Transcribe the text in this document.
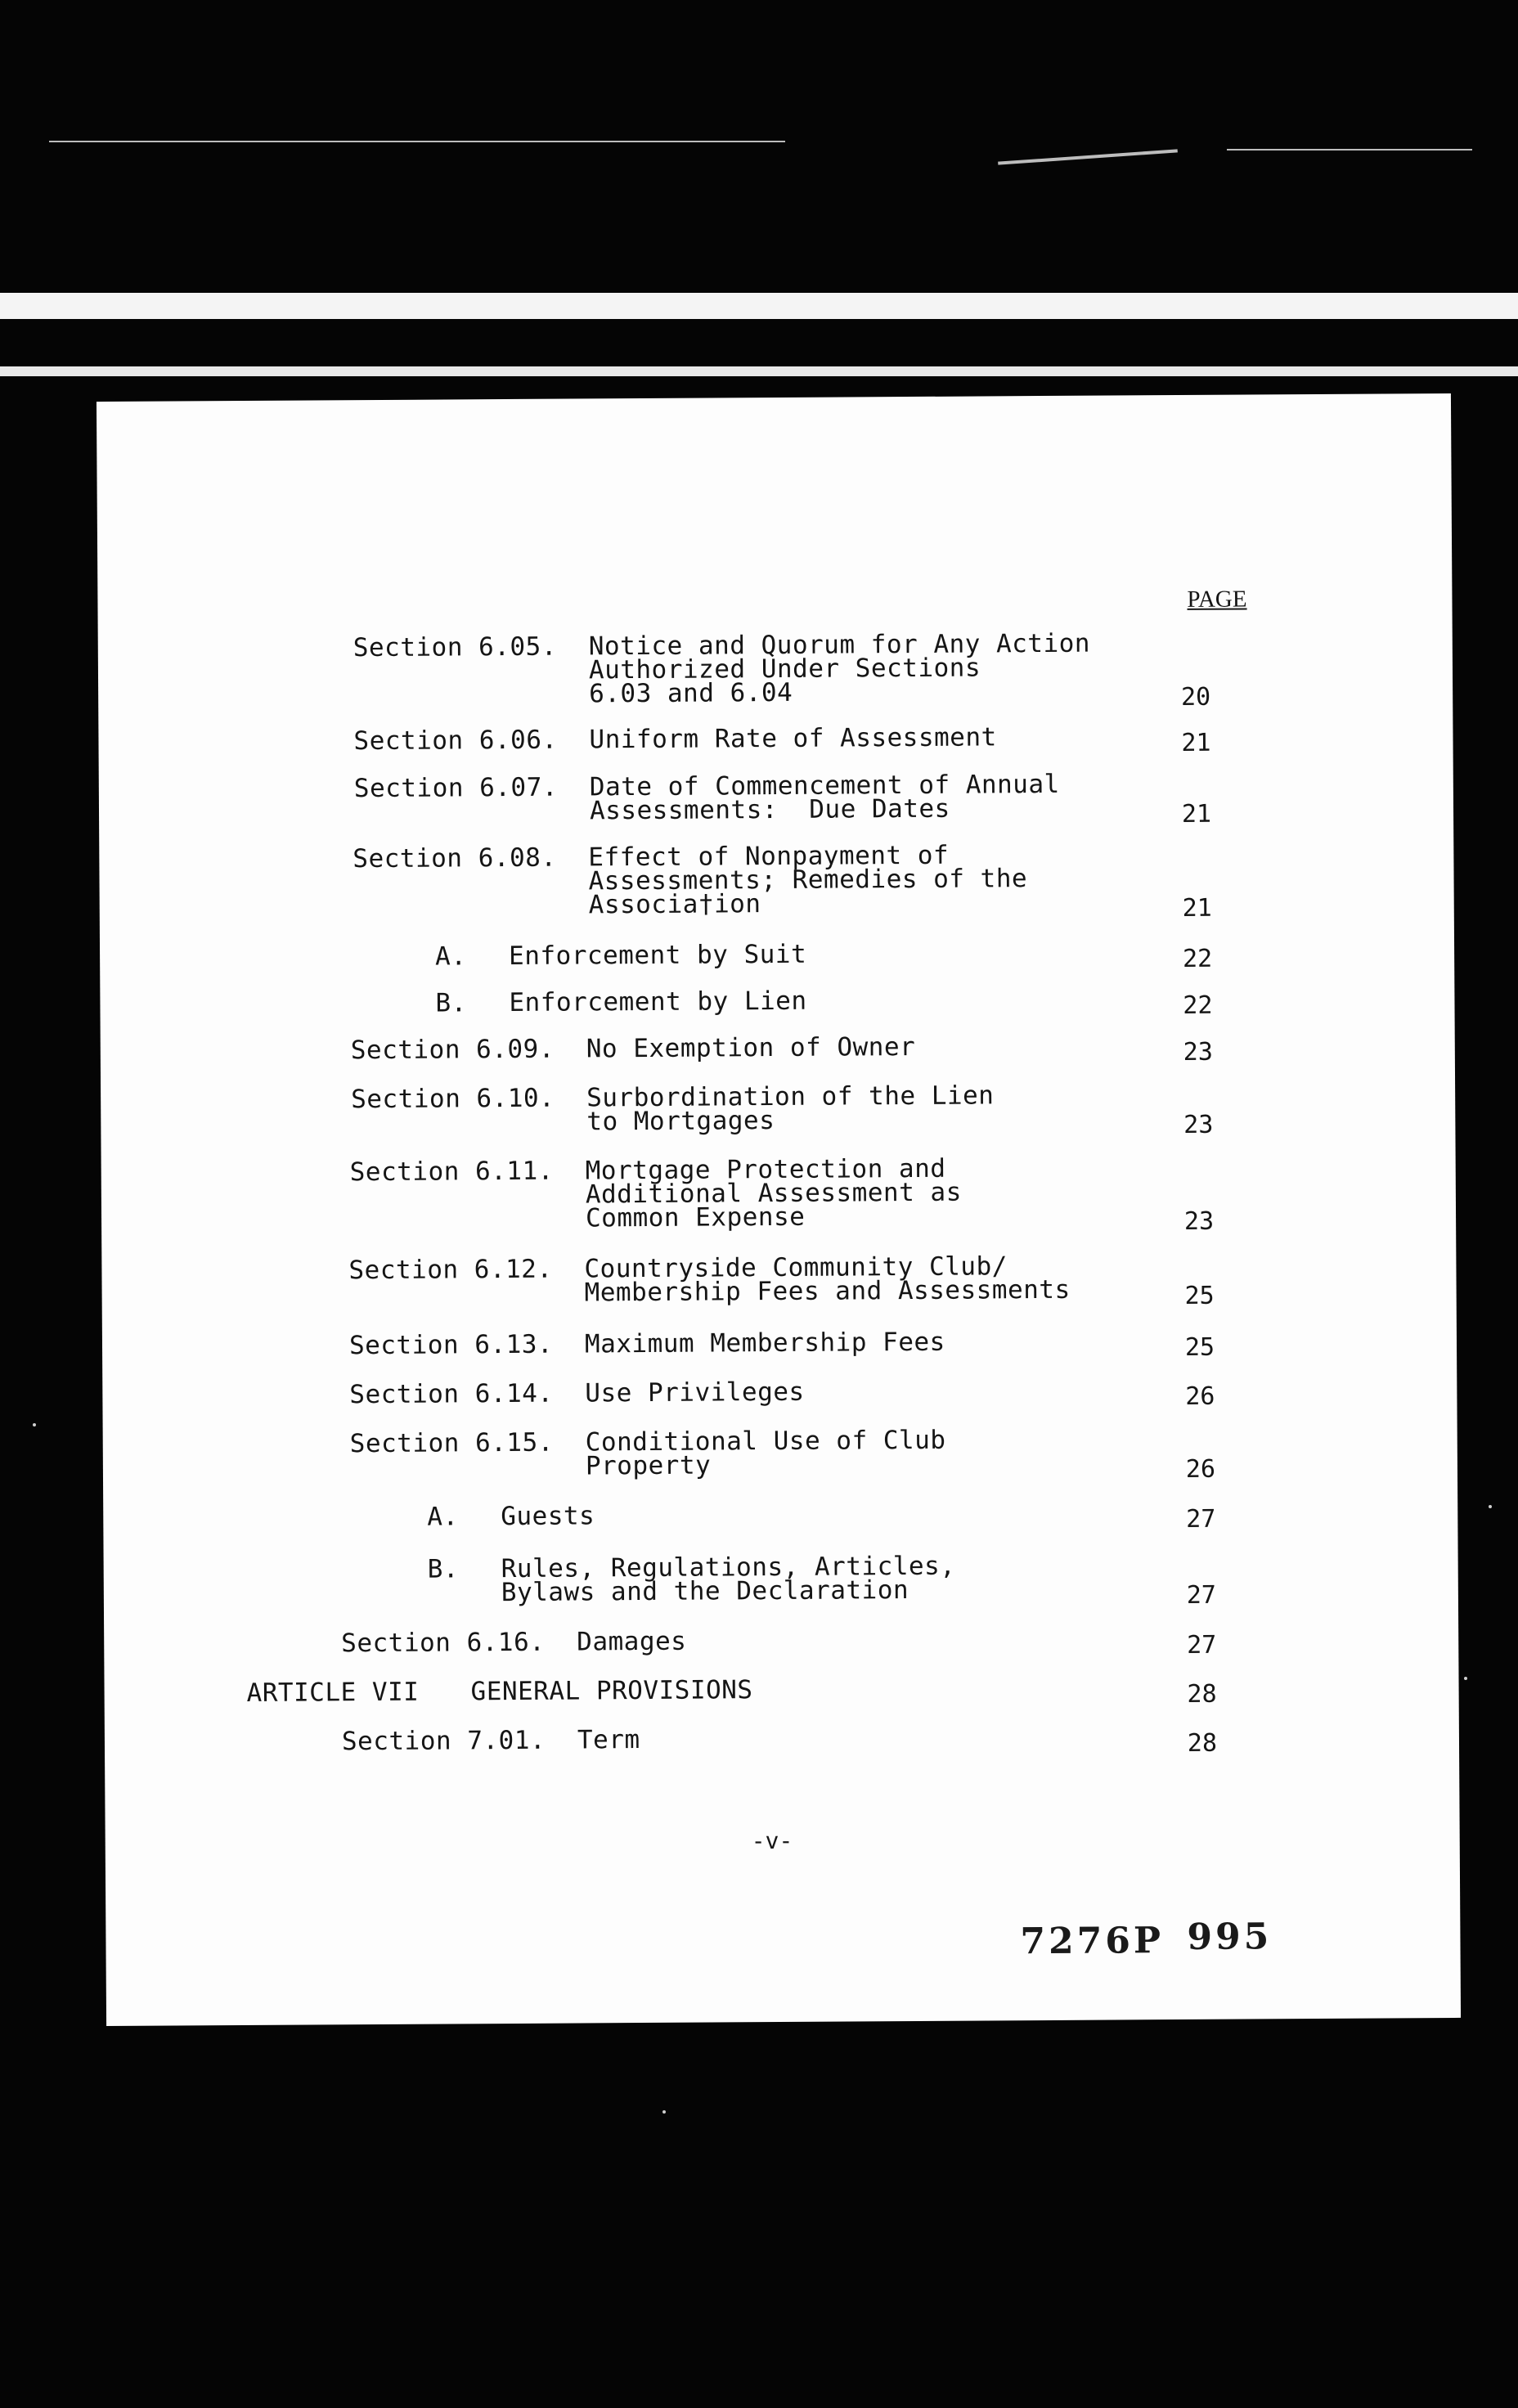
PAGE
Section 6.05. Notice and Quorum for Any Action
Authorized Under Sections
6.03 and 6.04	20
Section 6.06. Uniform Rate of Assessment	21
Section 6.07. Date of Commencement of Annual
Assessments:  Due Dates	21
Section 6.08. Effect of Nonpayment of
Assessments; Remedies of the
Associa†ion	21
A. Enforcement by Suit	22
B. Enforcement by Lien	22
Section 6.09. No Exemption of Owner	23
Section 6.10. Surbordination of the Lien
to Mortgages	23
Section 6.11. Mortgage Protection and
Additional Assessment as
Common Expense	23
Section 6.12. Countryside Community Club/
Membership Fees and Assessments	25
Section 6.13. Maximum Membership Fees	25
Section 6.14. Use Privileges	26
Section 6.15. Conditional Use of Club
Property	26
A. Guests	27
B. Rules, Regulations, Articles,
Bylaws and the Declaration	27
Section 6.16. Damages	27
ARTICLE VII GENERAL PROVISIONS	28
Section 7.01. Term	28
-v-
7276P 995
